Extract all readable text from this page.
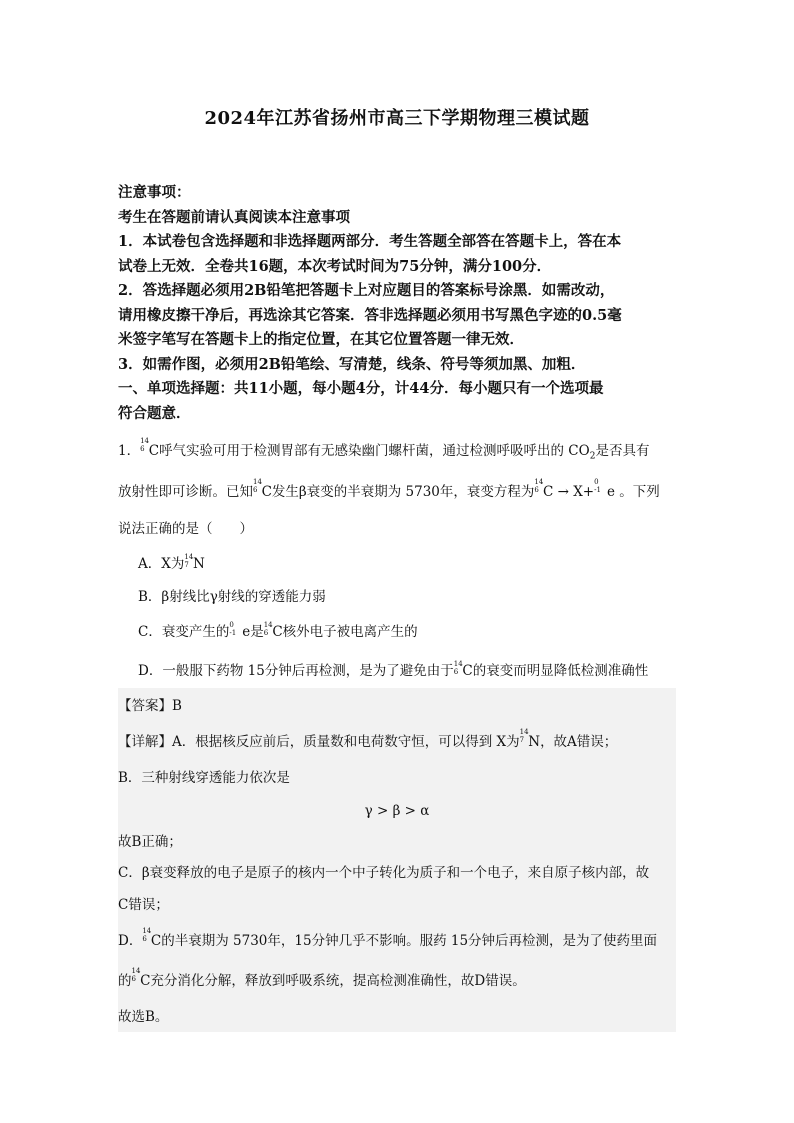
2024年江苏省扬州市高三下学期物理三模试题

注意事项：

考生在答题前请认真阅读本注意事项

1．本试卷包含选择题和非选择题两部分．考生答题全部答在答题卡上，答在本

试卷上无效．全卷共16题，本次考试时间为75分钟，满分100分．

2．答选择题必须用2B铅笔把答题卡上对应题目的答案标号涂黑．如需改动，

请用橡皮擦干净后，再选涂其它答案．答非选择题必须用书写黑色字迹的0.5毫

米签字笔写在答题卡上的指定位置，在其它位置答题一律无效．

3．如需作图，必须用2B铅笔绘、写清楚，线条、符号等须加黑、加粗．

一、单项选择题：共11小题，每小题4分，计44分．每小题只有一个选项最

符合题意．

1．
14
6 C呼气实验可用于检测胃部有无感染幽门螺杆菌，通过检测呼吸呼出的 $CO_2$是否具有
放射性即可诊断。已知
14
6 C发生β衰变的半衰期为 5730年，衰变方程为
14
6 C → X+
0
-1 e 。下列
说法正确的是（　　）
A．X为 14
7 N
B．β射线比γ射线的穿透能力弱
C．衰变产生的 0
-1 e是 14
6 C核外电子被电离产生的
D．一般服下药物 15分钟后再检测，是为了避免由于 14
6 C的衰变而明显降低检测准确性
【答案】B
【详解】A．根据核反应前后，质量数和电荷数守恒，可以得到 X为
14
7 N，故A错误；
B．三种射线穿透能力依次是
γ > β > α
故B正确；
C．β衰变释放的电子是原子的核内一个中子转化为质子和一个电子，来自原子核内部，故
C错误；
D．
14
6 C的半衰期为 5730年，15分钟几乎不影响。服药 15分钟后再检测，是为了使药里面
的
14
6 C充分消化分解，释放到呼吸系统，提高检测准确性，故D错误。
故选B。
